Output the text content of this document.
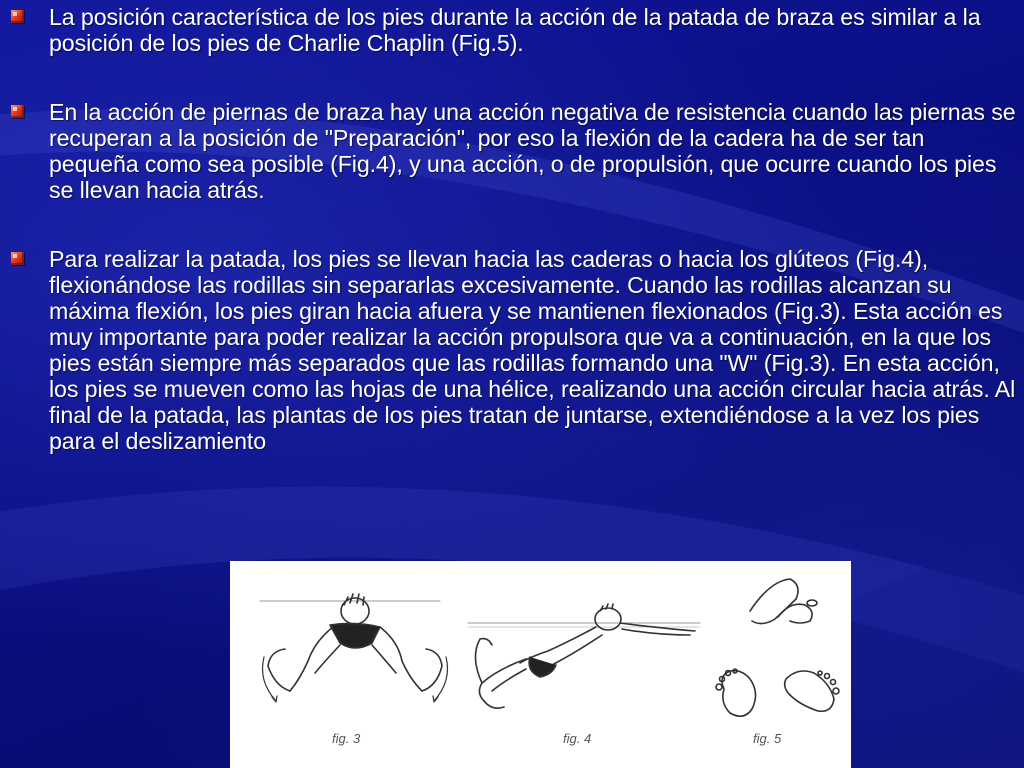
La posición característica de los pies durante la acción de la patada de braza es similar a la posición de los pies de Charlie Chaplin (Fig.5).
En la acción de piernas de braza hay una acción negativa de resistencia cuando las piernas se recuperan a la posición de "Preparación", por eso la flexión de la cadera ha de ser tan pequeña como sea posible (Fig.4), y una acción, o de propulsión, que ocurre cuando los pies se llevan hacia atrás.
Para realizar la patada, los pies se llevan hacia las caderas o hacia los glúteos (Fig.4), flexionándose las rodillas sin separarlas excesivamente. Cuando las rodillas alcanzan su máxima flexión, los pies giran hacia afuera y se mantienen flexionados (Fig.3). Esta acción es muy importante para poder realizar la acción propulsora que va a continuación, en la que los pies están siempre más separados que las rodillas formando una "W" (Fig.3). En esta acción, los pies se mueven como las hojas de una hélice, realizando una acción circular hacia atrás. Al final de la patada, las plantas de los pies tratan de juntarse, extendiéndose a la vez los pies para el deslizamiento
fig. 3	fig. 4	fig. 5
